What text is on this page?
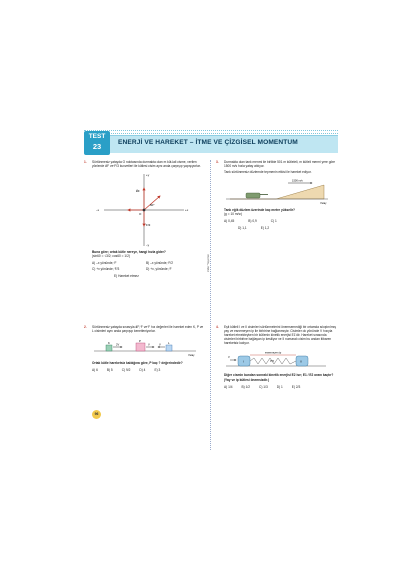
TEST
23	ENERJİ VE HAREKET – İTME VE ÇİZGİSEL MOMENTUM
Zafer Yayınları
1. Sürtünmesiz yatayda O noktasında durmakta olan m küt-lali cisme, verilen yönlerde 2⃗F ve ⃗F/3 kuvvetleri ile kütlesi cisim aynı anda çarpışıp yapışıyorlar.
2⃗F
60°
⃗F/3
O
+x
–x
+y
–y
Buna göre; ortak kütle nereye, hangi hızla gider?
(sin60 = √3/2; cos60 = 1/2)
A) –x yönünde, ⃗F	B) –x yönünde, ⃗F/2
C) +x yönünde, ⃗F/3	D) +x, yönünde, ⃗F
E) Hareket etmez
2. Sürtünmesiz yatayda sırasıyla 2⃗F, ⃗F ve ⃗F hız değerleri ile hareket eden K, P ve L cisimleri aynı anda çarpışıp kenetleniyorlar.
K	P	L
2V	V	V
Yatay
Ortak kütle hareketsiz kaldığına göre, P kaç ? değerindedir?
A) 6	B) 5	C) 9/2	D) 4	E) 3
3. Durmakta olan tank menmi ile birlikte 501 m kütleleli, m kütleli mermi yere göre 1500 m/s hızla yatay atılıyor.
Tank sürtünmesiz düzlemde tepmenin etkisi ile hareket ediyor.
1500 m/s
Yatay
Tank eğik düzlem üzerinde kaç metre yükselir?
(g = 10 m/s²)
A) 0,45	B) 0,9	C) 1
D) 1,1	E) 1,2
4. Eşit kütleli I ve II cisimleri sürtünmelerini önemsemediği bir ortamda sıkıştırılmış yay ve esnemeyen ip ile birbirine bağlanmıştır. Cisimler ok yönünde V hızıyla hareket etmekteyken bir kütlenin kinetik enerjisi E1'dir. Hareket sırasında cisimleri birbirine bağlayan ip kesiliyor ve II numaralı cisim bu andan itibaren hareketsiz kalıyor.
esnemeyen ip
yay
I	II
V
Diğer cismin bundan sonraki kinetik enerjisi E2 ise; E1 / E2 oranı kaçtır? (Yay ve ip kütlesi önemsizdir.)
A) 1/4	B) 1/2	C) 1/3	D) 1	E) 2/3
96
